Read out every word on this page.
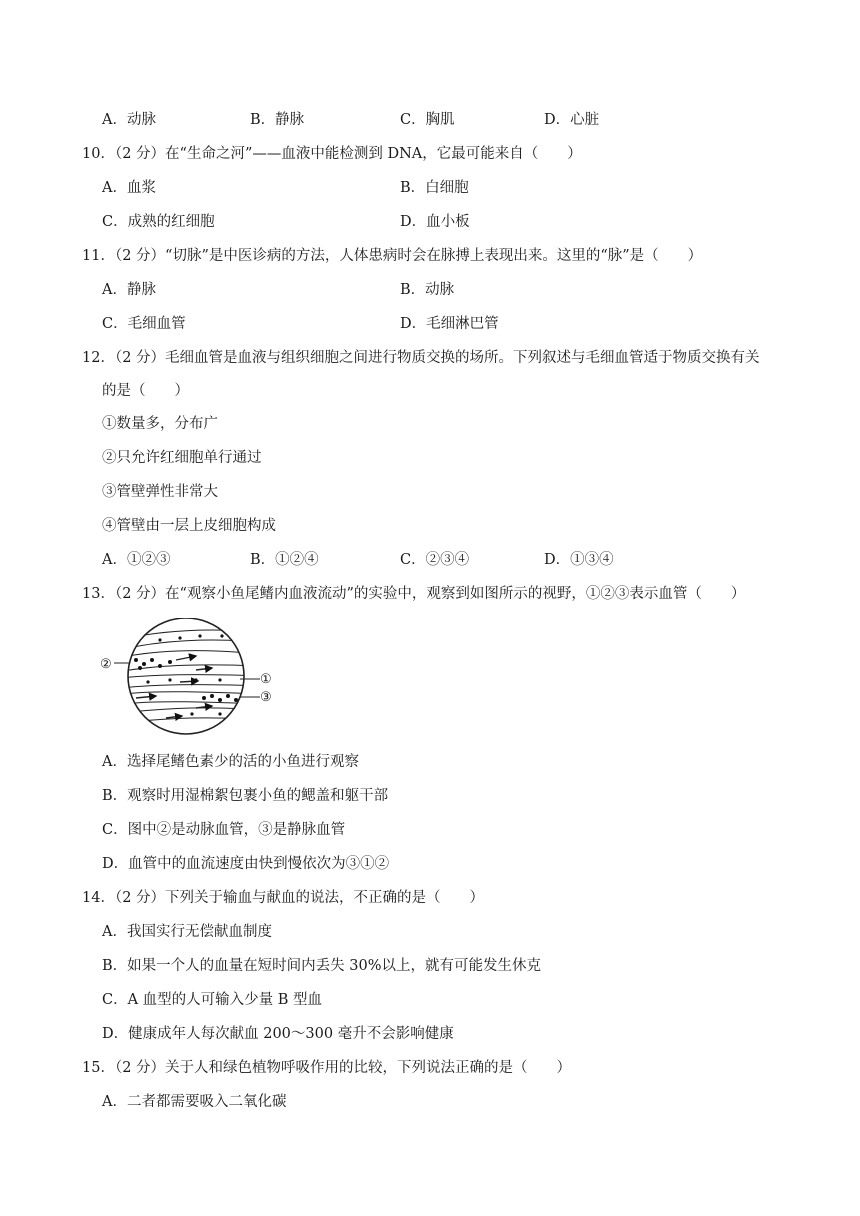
A．动脉	B．静脉	C．胸肌	D．心脏
10．（2 分）在“生命之河”——血液中能检测到 DNA，它最可能来自（　　）
A．血浆	B．白细胞
C．成熟的红细胞	D．血小板
11．（2 分）“切脉”是中医诊病的方法，人体患病时会在脉搏上表现出来。这里的“脉”是（　　）
A．静脉	B．动脉
C．毛细血管	D．毛细淋巴管
12．（2 分）毛细血管是血液与组织细胞之间进行物质交换的场所。下列叙述与毛细血管适于物质交换有关
的是（　　）
①数量多，分布广
②只允许红细胞单行通过
③管壁弹性非常大
④管壁由一层上皮细胞构成
A．①②③	B．①②④	C．②③④	D．①③④
13．（2 分）在“观察小鱼尾鳍内血液流动”的实验中，观察到如图所示的视野，①②③表示血管（　　）
②
①
③
A．选择尾鳍色素少的活的小鱼进行观察
B．观察时用湿棉絮包裹小鱼的鳃盖和躯干部
C．图中②是动脉血管，③是静脉血管
D．血管中的血流速度由快到慢依次为③①②
14．（2 分）下列关于输血与献血的说法，不正确的是（　　）
A．我国实行无偿献血制度
B．如果一个人的血量在短时间内丢失 30%以上，就有可能发生休克
C．A 血型的人可输入少量 B 型血
D．健康成年人每次献血 200～300 毫升不会影响健康
15．（2 分）关于人和绿色植物呼吸作用的比较，下列说法正确的是（　　）
A．二者都需要吸入二氧化碳
